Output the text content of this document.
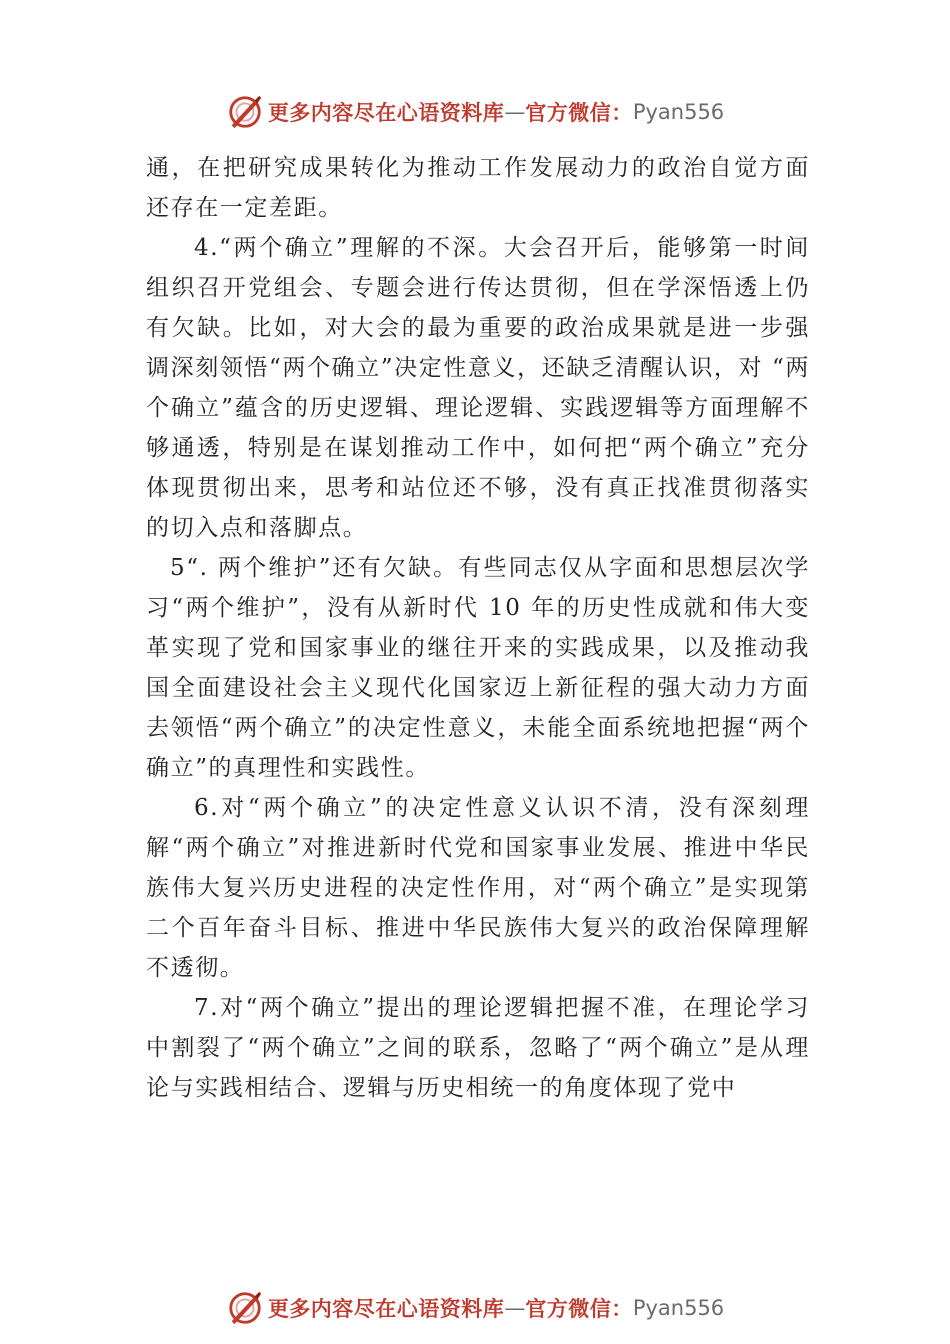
更多内容尽在心语资料库 — 官方微信： Pyan556

通，在把研究成果转化为推动工作发展动力的政治自觉方面还存在一定差距。

4.“两个确立”理解的不深。大会召开后，能够第一时间组织召开党组会、专题会进行传达贯彻，但在学深悟透上仍有欠缺。比如，对大会的最为重要的政治成果就是进一步强调深刻领悟“两个确立”决定性意义，还缺乏清醒认识，对 “两个确立”蕴含的历史逻辑、理论逻辑、实践逻辑等方面理解不够通透，特别是在谋划推动工作中，如何把“两个确立”充分体现贯彻出来，思考和站位还不够，没有真正找准贯彻落实的切入点和落脚点。

5“. 两个维护”还有欠缺。有些同志仅从字面和思想层次学习“两个维护”，没有从新时代 10 年的历史性成就和伟大变革实现了党和国家事业的继往开来的实践成果，以及推动我国全面建设社会主义现代化国家迈上新征程的强大动力方面去领悟“两个确立”的决定性意义，未能全面系统地把握“两个确立”的真理性和实践性。

6.对“两个确立”的决定性意义认识不清，没有深刻理解“两个确立”对推进新时代党和国家事业发展、推进中华民族伟大复兴历史进程的决定性作用，对“两个确立”是实现第二个百年奋斗目标、推进中华民族伟大复兴的政治保障理解不透彻。

7.对“两个确立”提出的理论逻辑把握不准，在理论学习中割裂了“两个确立”之间的联系，忽略了“两个确立”是从理论与实践相结合、逻辑与历史相统一的角度体现了党中

更多内容尽在心语资料库 — 官方微信： Pyan556
